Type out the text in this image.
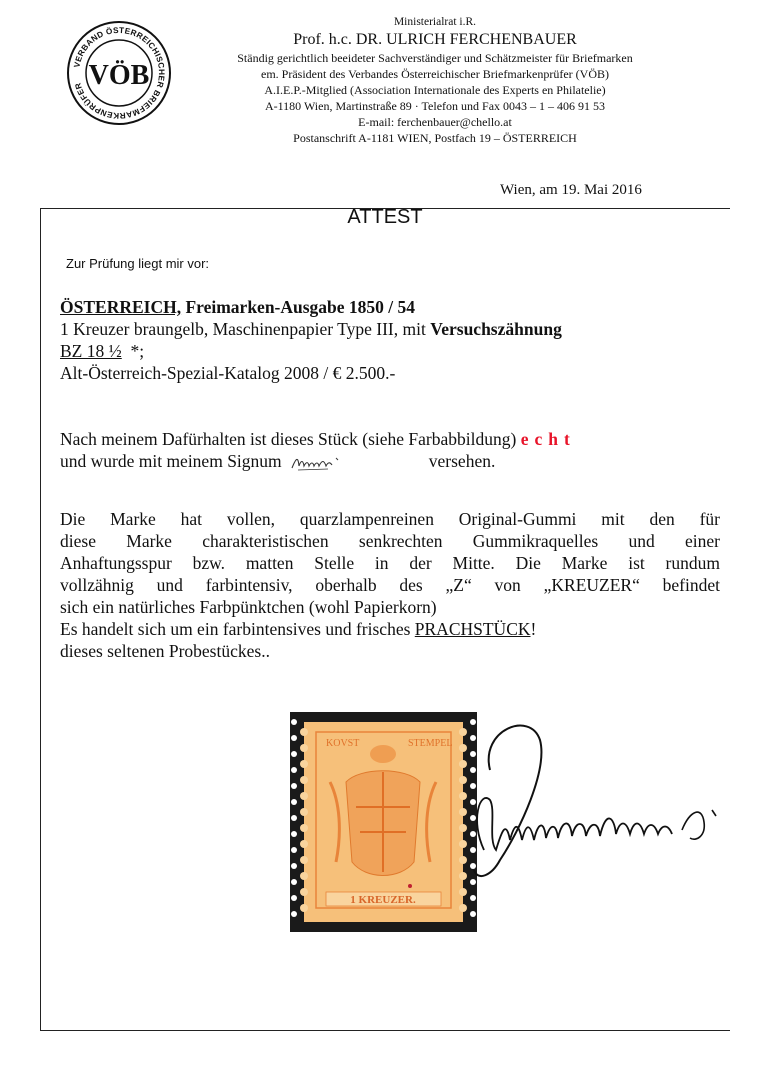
VERBAND ÖSTERREICHISCHER BRIEFMARKENPRÜFER VÖB
Ministerialrat i.R.
Prof. h.c. DR. ULRICH FERCHENBAUER
Ständig gerichtlich beeideter Sachverständiger und Schätzmeister für Briefmarken
em. Präsident des Verbandes Österreichischer Briefmarkenprüfer (VÖB)
A.I.E.P.-Mitglied (Association Internationale des Experts en Philatelie)
A-1180 Wien, Martinstraße 89 · Telefon und Fax 0043 – 1 – 406 91 53
E-mail: ferchenbauer@chello.at
Postanschrift A-1181 WIEN, Postfach 19 – ÖSTERREICH
Wien, am 19. Mai 2016
ATTEST
Zur Prüfung liegt mir vor:
ÖSTERREICH, Freimarken-Ausgabe 1850 / 54
1 Kreuzer braungelb, Maschinenpapier Type III, mit Versuchszähnung
BZ 18 ½  *;
Alt-Österreich-Spezial-Katalog 2008 / € 2.500.-
Nach meinem Dafürhalten ist dieses Stück (siehe Farbabbildung) echt
und wurde mit meinem Signum	versehen.
Die Marke hat vollen, quarzlampenreinen Original-Gummi mit den für
diese Marke charakteristischen senkrechten Gummikraquelles und einer
Anhaftungsspur bzw. matten Stelle in der Mitte. Die Marke ist rundum
vollzähnig und farbintensiv, oberhalb des „Z“ von „KREUZER“ befindet
sich ein natürliches Farbpünktchen (wohl Papierkorn)
Es handelt sich um ein farbintensives und frisches PRACHSTÜCK!
dieses seltenen Probestückes..
KOVST	STEMPEL
1 KREUZER.
